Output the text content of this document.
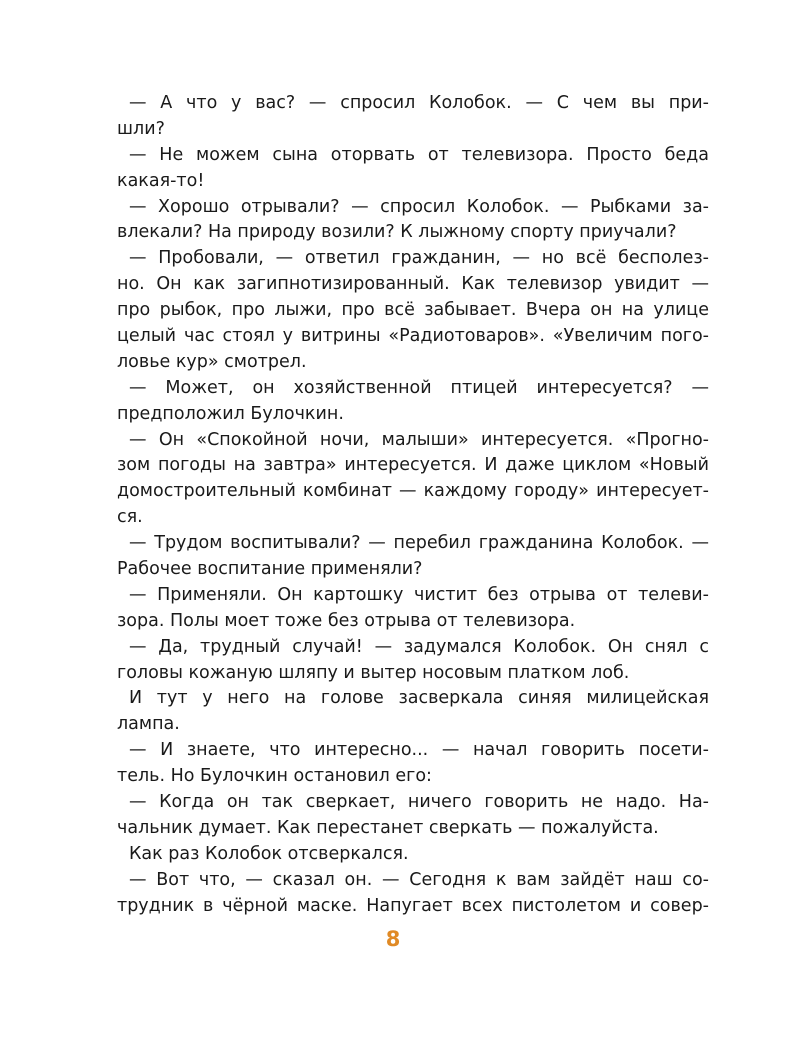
— А что у вас? — спросил Колобок. — С чем вы при-
шли?
— Не можем сына оторвать от телевизора. Просто беда
какая-то!
— Хорошо отрывали? — спросил Колобок. — Рыбками за-
влекали? На природу возили? К лыжному спорту приучали?
— Пробовали, — ответил гражданин, — но всё бесполез-
но. Он как загипнотизированный. Как телевизор увидит —
про рыбок, про лыжи, про всё забывает. Вчера он на улице
целый час стоял у витрины «Радиотоваров». «Увеличим пого-
ловье кур» смотрел.
— Может, он хозяйственной птицей интересуется? —
предположил Булочкин.
— Он «Спокойной ночи, малыши» интересуется. «Прогно-
зом погоды на завтра» интересуется. И даже циклом «Новый
домостроительный комбинат — каждому городу» интересует-
ся.
— Трудом воспитывали? — перебил гражданина Колобок. —
Рабочее воспитание применяли?
— Применяли. Он картошку чистит без отрыва от телеви-
зора. Полы моет тоже без отрыва от телевизора.
— Да, трудный случай! — задумался Колобок. Он снял с
головы кожаную шляпу и вытер носовым платком лоб.
И тут у него на голове засверкала синяя милицейская
лампа.
— И знаете, что интересно... — начал говорить посети-
тель. Но Булочкин остановил его:
— Когда он так сверкает, ничего говорить не надо. На-
чальник думает. Как перестанет сверкать — пожалуйста.
Как раз Колобок отсверкался.
— Вот что, — сказал он. — Сегодня к вам зайдёт наш со-
трудник в чёрной маске. Напугает всех пистолетом и совер-
8
